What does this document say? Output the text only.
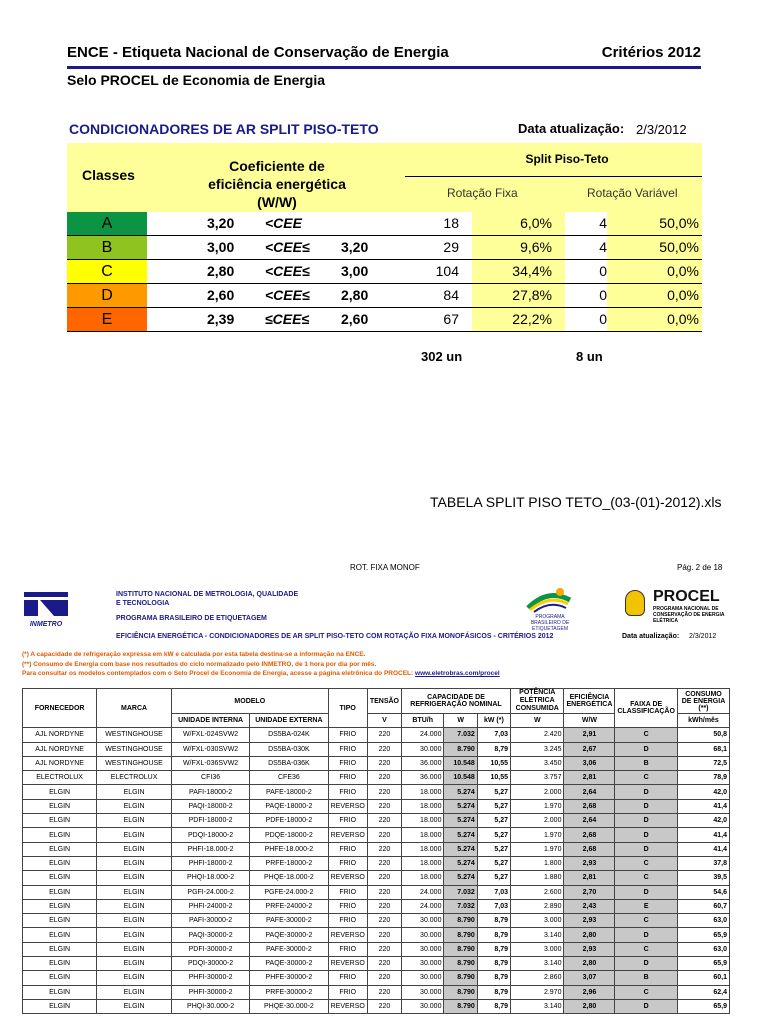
ENCE - Etiqueta Nacional de Conservação de Energia	Critérios 2012
Selo PROCEL de Economia de Energia
CONDICIONADORES DE AR SPLIT PISO-TETO	Data atualização: 2/3/2012
Classes
Coeficiente de eficiência energética (W/W)
Split Piso-Teto
Rotação Fixa	Rotação Variável
A	3,20 <CEE	18	6,0%	4	50,0%
B	3,00 <CEE≤ 3,20	29	9,6%	4	50,0%
C	2,80 <CEE≤ 3,00	104	34,4%	0	0,0%
D	2,60 <CEE≤ 2,80	84	27,8%	0	0,0%
E	2,39 ≤CEE≤ 2,60	67	22,2%	0	0,0%
302 un	8 un
TABELA SPLIT PISO TETO_(03-(01)-2012).xls
ROT. FIXA MONOF	Pág. 2 de 18
INMETRO
INSTITUTO NACIONAL DE METROLOGIA, QUALIDADE
E TECNOLOGIA
PROGRAMA BRASILEIRO DE ETIQUETAGEM	PROGRAMA BRASILEIRO DE ETIQUETAGEM
PROCEL
PROGRAMA NACIONAL DE CONSERVAÇÃO DE ENERGIA ELÉTRICA
EFICIÊNCIA ENERGÉTICA - CONDICIONADORES DE AR SPLIT PISO-TETO COM ROTAÇÃO FIXA MONOFÁSICOS - CRITÉRIOS 2012	Data atualização: 2/3/2012
(*) A capacidade de refrigeração expressa em kW e calculada por esta tabela destina-se a informação na ENCE.
(**) Consumo de Energia com base nos resultados do ciclo normalizado pelo INMETRO, de 1 hora por dia por mês.
Para consultar os modelos contemplados com o Selo Procel de Economia de Energia, acesse a página eletrônica do PROCEL: www.eletrobras.com/procel
FORNECEDOR	MARCA	MODELO		TIPO	TENSÃO	CAPACIDADE DE REFRIGERAÇÃO NOMINAL			POTÊNCIA ELÉTRICA CONSUMIDA	EFICIÊNCIA ENERGÉTICA	FAIXA DE CLASSIFICAÇÃO	CONSUMO DE ENERGIA (**)
		UNIDADE INTERNA	UNIDADE EXTERNA		V	BTU/h	W	kW (*)	W	W/W		kWh/mês
AJL NORDYNE	WESTINGHOUSE	W/FXL-024SVW2	DS5BA-024K	FRIO	220	24.000	7.032	7,03	2.420	2,91	C	50,8
AJL NORDYNE	WESTINGHOUSE	W/FXL-030SVW2	DS5BA-030K	FRIO	220	30.000	8.790	8,79	3.245	2,67	D	68,1
AJL NORDYNE	WESTINGHOUSE	W/FXL-036SVW2	DS5BA-036K	FRIO	220	36.000	10.548	10,55	3.450	3,06	B	72,5
ELECTROLUX	ELECTROLUX	CFI36	CFE36	FRIO	220	36.000	10.548	10,55	3.757	2,81	C	78,9
ELGIN	ELGIN	PAFI-18000-2	PAFE-18000-2	FRIO	220	18.000	5.274	5,27	2.000	2,64	D	42,0
ELGIN	ELGIN	PAQI-18000-2	PAQE-18000-2	REVERSO	220	18.000	5.274	5,27	1.970	2,68	D	41,4
ELGIN	ELGIN	PDFI-18000-2	PDFE-18000-2	FRIO	220	18.000	5.274	5,27	2.000	2,64	D	42,0
ELGIN	ELGIN	PDQI-18000-2	PDQE-18000-2	REVERSO	220	18.000	5.274	5,27	1.970	2,68	D	41,4
ELGIN	ELGIN	PHFI-18.000-2	PHFE-18.000-2	FRIO	220	18.000	5.274	5,27	1.970	2,68	D	41,4
ELGIN	ELGIN	PHFI-18000-2	PRFE-18000-2	FRIO	220	18.000	5.274	5,27	1.800	2,93	C	37,8
ELGIN	ELGIN	PHQI-18.000-2	PHQE-18.000-2	REVERSO	220	18.000	5.274	5,27	1.880	2,81	C	39,5
ELGIN	ELGIN	PGFI-24.000-2	PGFE-24.000-2	FRIO	220	24.000	7.032	7,03	2.600	2,70	D	54,6
ELGIN	ELGIN	PHFI-24000-2	PRFE-24000-2	FRIO	220	24.000	7.032	7,03	2.890	2,43	E	60,7
ELGIN	ELGIN	PAFI-30000-2	PAFE-30000-2	FRIO	220	30.000	8.790	8,79	3.000	2,93	C	63,0
ELGIN	ELGIN	PAQI-30000-2	PAQE-30000-2	REVERSO	220	30.000	8.790	8,79	3.140	2,80	D	65,9
ELGIN	ELGIN	PDFI-30000-2	PAFE-30000-2	FRIO	220	30.000	8.790	8,79	3.000	2,93	C	63,0
ELGIN	ELGIN	PDQI-30000-2	PAQE-30000-2	REVERSO	220	30.000	8.790	8,79	3.140	2,80	D	65,9
ELGIN	ELGIN	PHFI-30000-2	PHFE-30000-2	FRIO	220	30.000	8.790	8,79	2.860	3,07	B	60,1
ELGIN	ELGIN	PHFI-30000-2	PRFE-30000-2	FRIO	220	30.000	8.790	8,79	2.970	2,96	C	62,4
ELGIN	ELGIN	PHQI-30.000-2	PHQE-30.000-2	REVERSO	220	30.000	8.790	8,79	3.140	2,80	D	65,9
